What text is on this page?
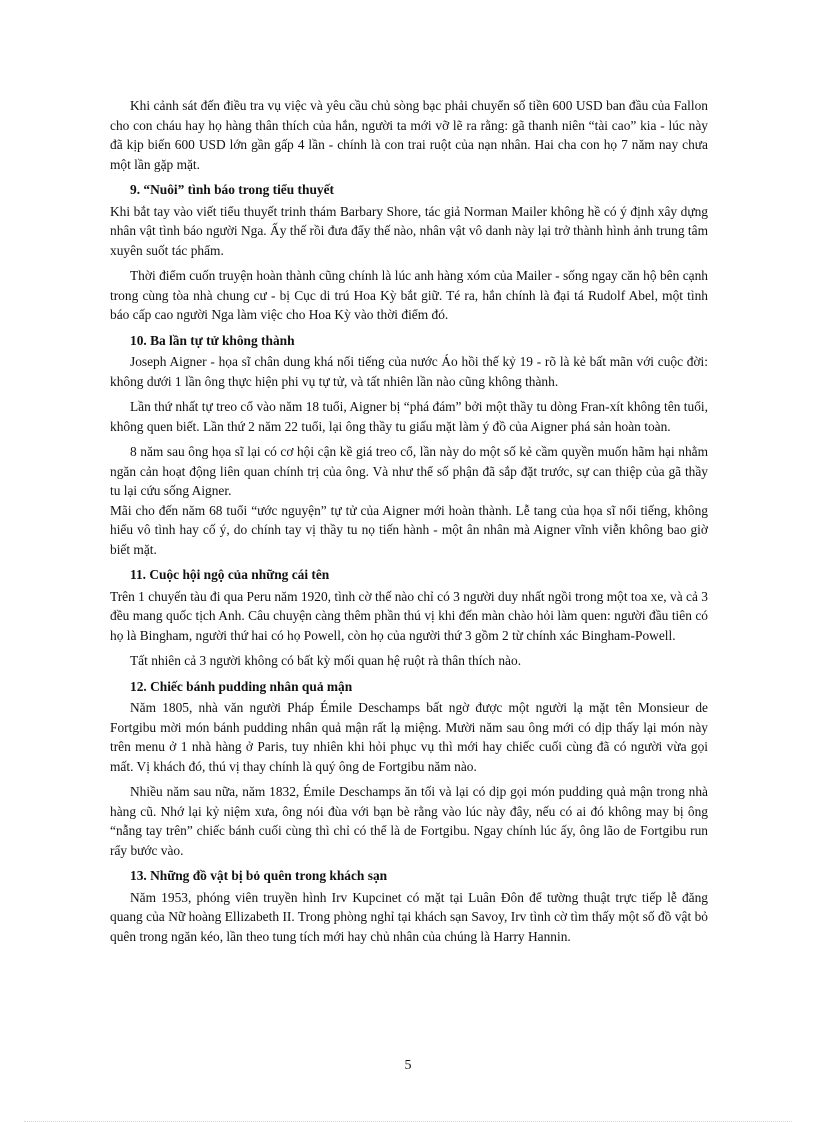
Khi cảnh sát đến điều tra vụ việc và yêu cầu chủ sòng bạc phải chuyển số tiền 600 USD ban đầu của Fallon cho con cháu hay họ hàng thân thích của hắn, người ta mới vỡ lẽ ra rằng: gã thanh niên “tài cao” kia - lúc này đã kịp biến 600 USD lớn gần gấp 4 lần - chính là con trai ruột của nạn nhân. Hai cha con họ 7 năm nay chưa một lần gặp mặt.

9. “Nuôi” tình báo trong tiểu thuyết

Khi bắt tay vào viết tiểu thuyết trinh thám Barbary Shore, tác giả Norman Mailer không hề có ý định xây dựng nhân vật tình báo người Nga. Ấy thế rồi đưa đẩy thế nào, nhân vật vô danh này lại trở thành hình ảnh trung tâm xuyên suốt tác phẩm.

Thời điểm cuốn truyện hoàn thành cũng chính là lúc anh hàng xóm của Mailer - sống ngay căn hộ bên cạnh trong cùng tòa nhà chung cư - bị Cục di trú Hoa Kỳ bắt giữ. Té ra, hắn chính là đại tá Rudolf Abel, một tình báo cấp cao người Nga làm việc cho Hoa Kỳ vào thời điểm đó.

10. Ba lần tự tử không thành

Joseph Aigner - họa sĩ chân dung khá nổi tiếng của nước Áo hồi thế kỷ 19 - rõ là kẻ bất mãn với cuộc đời: không dưới 1 lần ông thực hiện phi vụ tự tử, và tất nhiên lần nào cũng không thành.

Lần thứ nhất tự treo cổ vào năm 18 tuổi, Aigner bị “phá đám” bởi một thầy tu dòng Fran-xít không tên tuổi, không quen biết. Lần thứ 2 năm 22 tuổi, lại ông thầy tu giấu mặt làm ý đồ của Aigner phá sản hoàn toàn.

8 năm sau ông họa sĩ lại có cơ hội cận kề giá treo cổ, lần này do một số kẻ cầm quyền muốn hãm hại nhằm ngăn cản hoạt động liên quan chính trị của ông. Và như thể số phận đã sắp đặt trước, sự can thiệp của gã thầy tu lại cứu sống Aigner.

Mãi cho đến năm 68 tuổi “ước nguyện” tự tử của Aigner mới hoàn thành. Lễ tang của họa sĩ nổi tiếng, không hiểu vô tình hay cố ý, do chính tay vị thầy tu nọ tiến hành - một ân nhân mà Aigner vĩnh viễn không bao giờ biết mặt.

11. Cuộc hội ngộ của những cái tên

Trên 1 chuyến tàu đi qua Peru năm 1920, tình cờ thế nào chỉ có 3 người duy nhất ngồi trong một toa xe, và cả 3 đều mang quốc tịch Anh. Câu chuyện càng thêm phần thú vị khi đến màn chào hỏi làm quen: người đầu tiên có họ là Bingham, người thứ hai có họ Powell, còn họ của người thứ 3 gồm 2 từ chính xác Bingham-Powell.

Tất nhiên cả 3 người không có bất kỳ mối quan hệ ruột rà thân thích nào.

12. Chiếc bánh pudding nhân quả mận

Năm 1805, nhà văn người Pháp Émile Deschamps bất ngờ được một người lạ mặt tên Monsieur de Fortgibu mời món bánh pudding nhân quả mận rất lạ miệng. Mười năm sau ông mới có dịp thấy lại món này trên menu ở 1 nhà hàng ở Paris, tuy nhiên khi hỏi phục vụ thì mới hay chiếc cuối cùng đã có người vừa gọi mất. Vị khách đó, thú vị thay chính là quý ông de Fortgibu năm nào.

Nhiều năm sau nữa, năm 1832, Émile Deschamps ăn tối và lại có dịp gọi món pudding quả mận trong nhà hàng cũ. Nhớ lại kỷ niệm xưa, ông nói đùa với bạn bè rằng vào lúc này đây, nếu có ai đó không may bị ông “nẫng tay trên” chiếc bánh cuối cùng thì chỉ có thể là de Fortgibu. Ngay chính lúc ấy, ông lão de Fortgibu run rẩy bước vào.

13. Những đồ vật bị bỏ quên trong khách sạn

Năm 1953, phóng viên truyền hình Irv Kupcinet có mặt tại Luân Đôn để tường thuật trực tiếp lễ đăng quang của Nữ hoàng Ellizabeth II. Trong phòng nghỉ tại khách sạn Savoy, Irv tình cờ tìm thấy một số đồ vật bỏ quên trong ngăn kéo, lần theo tung tích mới hay chủ nhân của chúng là Harry Hannin.

5
